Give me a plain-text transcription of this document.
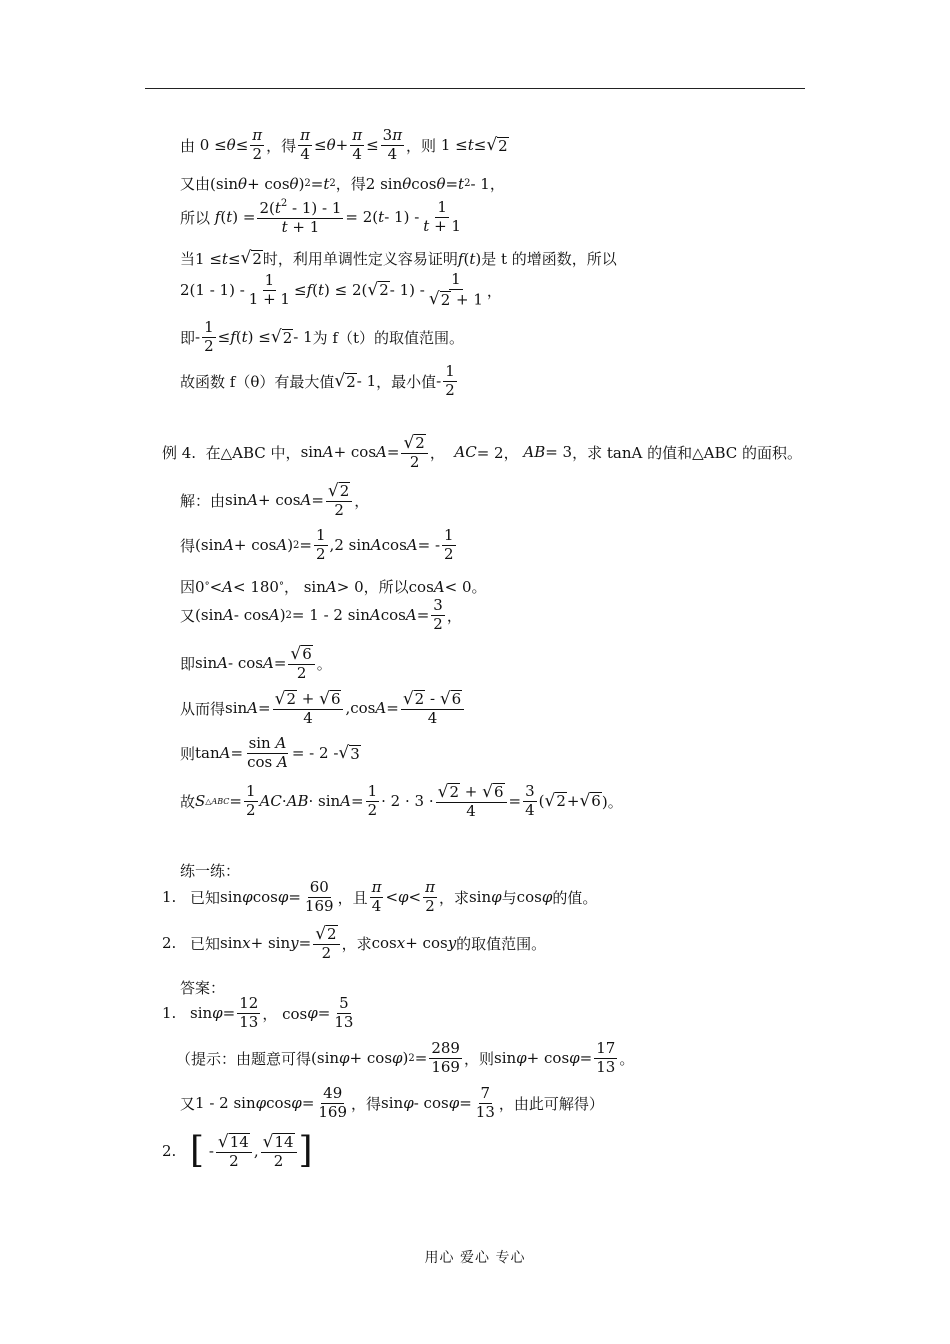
由 $0 \le \theta \le \frac{\pi}{2}$ ，得 $\frac{\pi}{4} \le \theta + \frac{\pi}{4} \le \frac{3\pi}{4}$ ，则 1 ≤ t ≤ √ 2
又由 (sin θ + cos θ ) 2 = t 2 ，得 2 sin θ cos θ = t 2 - 1，
所以
f ( t ) = $\frac{2(t^2 - 1) - 1}{t + 1} = 2$( t - $1) - \frac{1}{t + 1}$
当 1 ≤ t ≤ √ 2 时，利用单调性定义容易证明 f ( t ) 是 t 的增函数，所以
$2(1 - 1) - \frac{1}{1 + 1} \le f$ ( t ) ≤ 2( √ $2 - 1) - \frac{1}{√ 2 + 1}$ ，
即 - $\frac{1}{2} \le f$ ( t ) ≤ √ 2 - 1 为 f（t）的取值范围。
故函数 f（θ）有最大值 √ 2 - 1 ，最小值 - $\frac{1}{2}$
例 4.
在△ABC 中， $\sin A + \cos A = \frac{√ 2}{2}$ ， AC = 2， AB = 3 ，求 tanA 的值和△ABC 的面积。
解：由 $\sin A + \cos A = \frac{√ 2}{2}$ ，
得 (sin A + cos A ) $2 = \frac{1}{2} ,2$ sin A cos A = - $\frac{1}{2}$
因 0 ° < A < 180 ° ， sin A > 0 ，所以 cos A < 0。
又 (sin A - cos A ) 2 = 1 - 2 sin A $\cos A = \frac{3}{2}$ ，
即 $\sin A - \cos A = \frac{√ 6}{2}$ 。
从而得 $\sin A = \frac{√ 2 + √ 6}{4} ,\cos$ $A = \frac{√ 2 - √ 6}{4}$
则 $\tan A = \frac{\text{sin A}}{\text{cos A}}$ = - 2 - √ 3
故 S △ABC = $\frac{1}{2}$ AC · AB · $\sin A = \frac{1}{2} \cdot 2 \cdot 3 \cdot \frac{√ 2 + √ 6}{4} = \frac{3}{4}$ ( √ 2 + √ 6 )。
练一练：
1. 已知 sin φ $\cos \varphi = \frac{60}{169}$ ，且 $\frac{\pi}{4} < \varphi < \frac{\pi}{2}$ ，求 sin φ 与 cos φ 的值。
2. 已知 $\sin x + \sin y = \frac{√ 2}{2}$ ，求 cos x + cos y 的取值范围。
答案：
1. $\sin \varphi = \frac{12}{13}$ ， $\cos \varphi = \frac{5}{13}$
（提示：由题意可得 (sin φ + cos φ ) $2 = \frac{289}{169}$ ，则 $\sin \varphi + \cos \varphi = \frac{17}{13}$ 。
又 1 - 2 sin φ $\cos \varphi = \frac{49}{169}$ ，得 $\sin \varphi - \cos \varphi = \frac{7}{13}$ ，由此可解得）
2. [ - $\frac{√ 14}{2}$ , $\frac{√ 14}{2}$ ]
用心 爱心 专心
